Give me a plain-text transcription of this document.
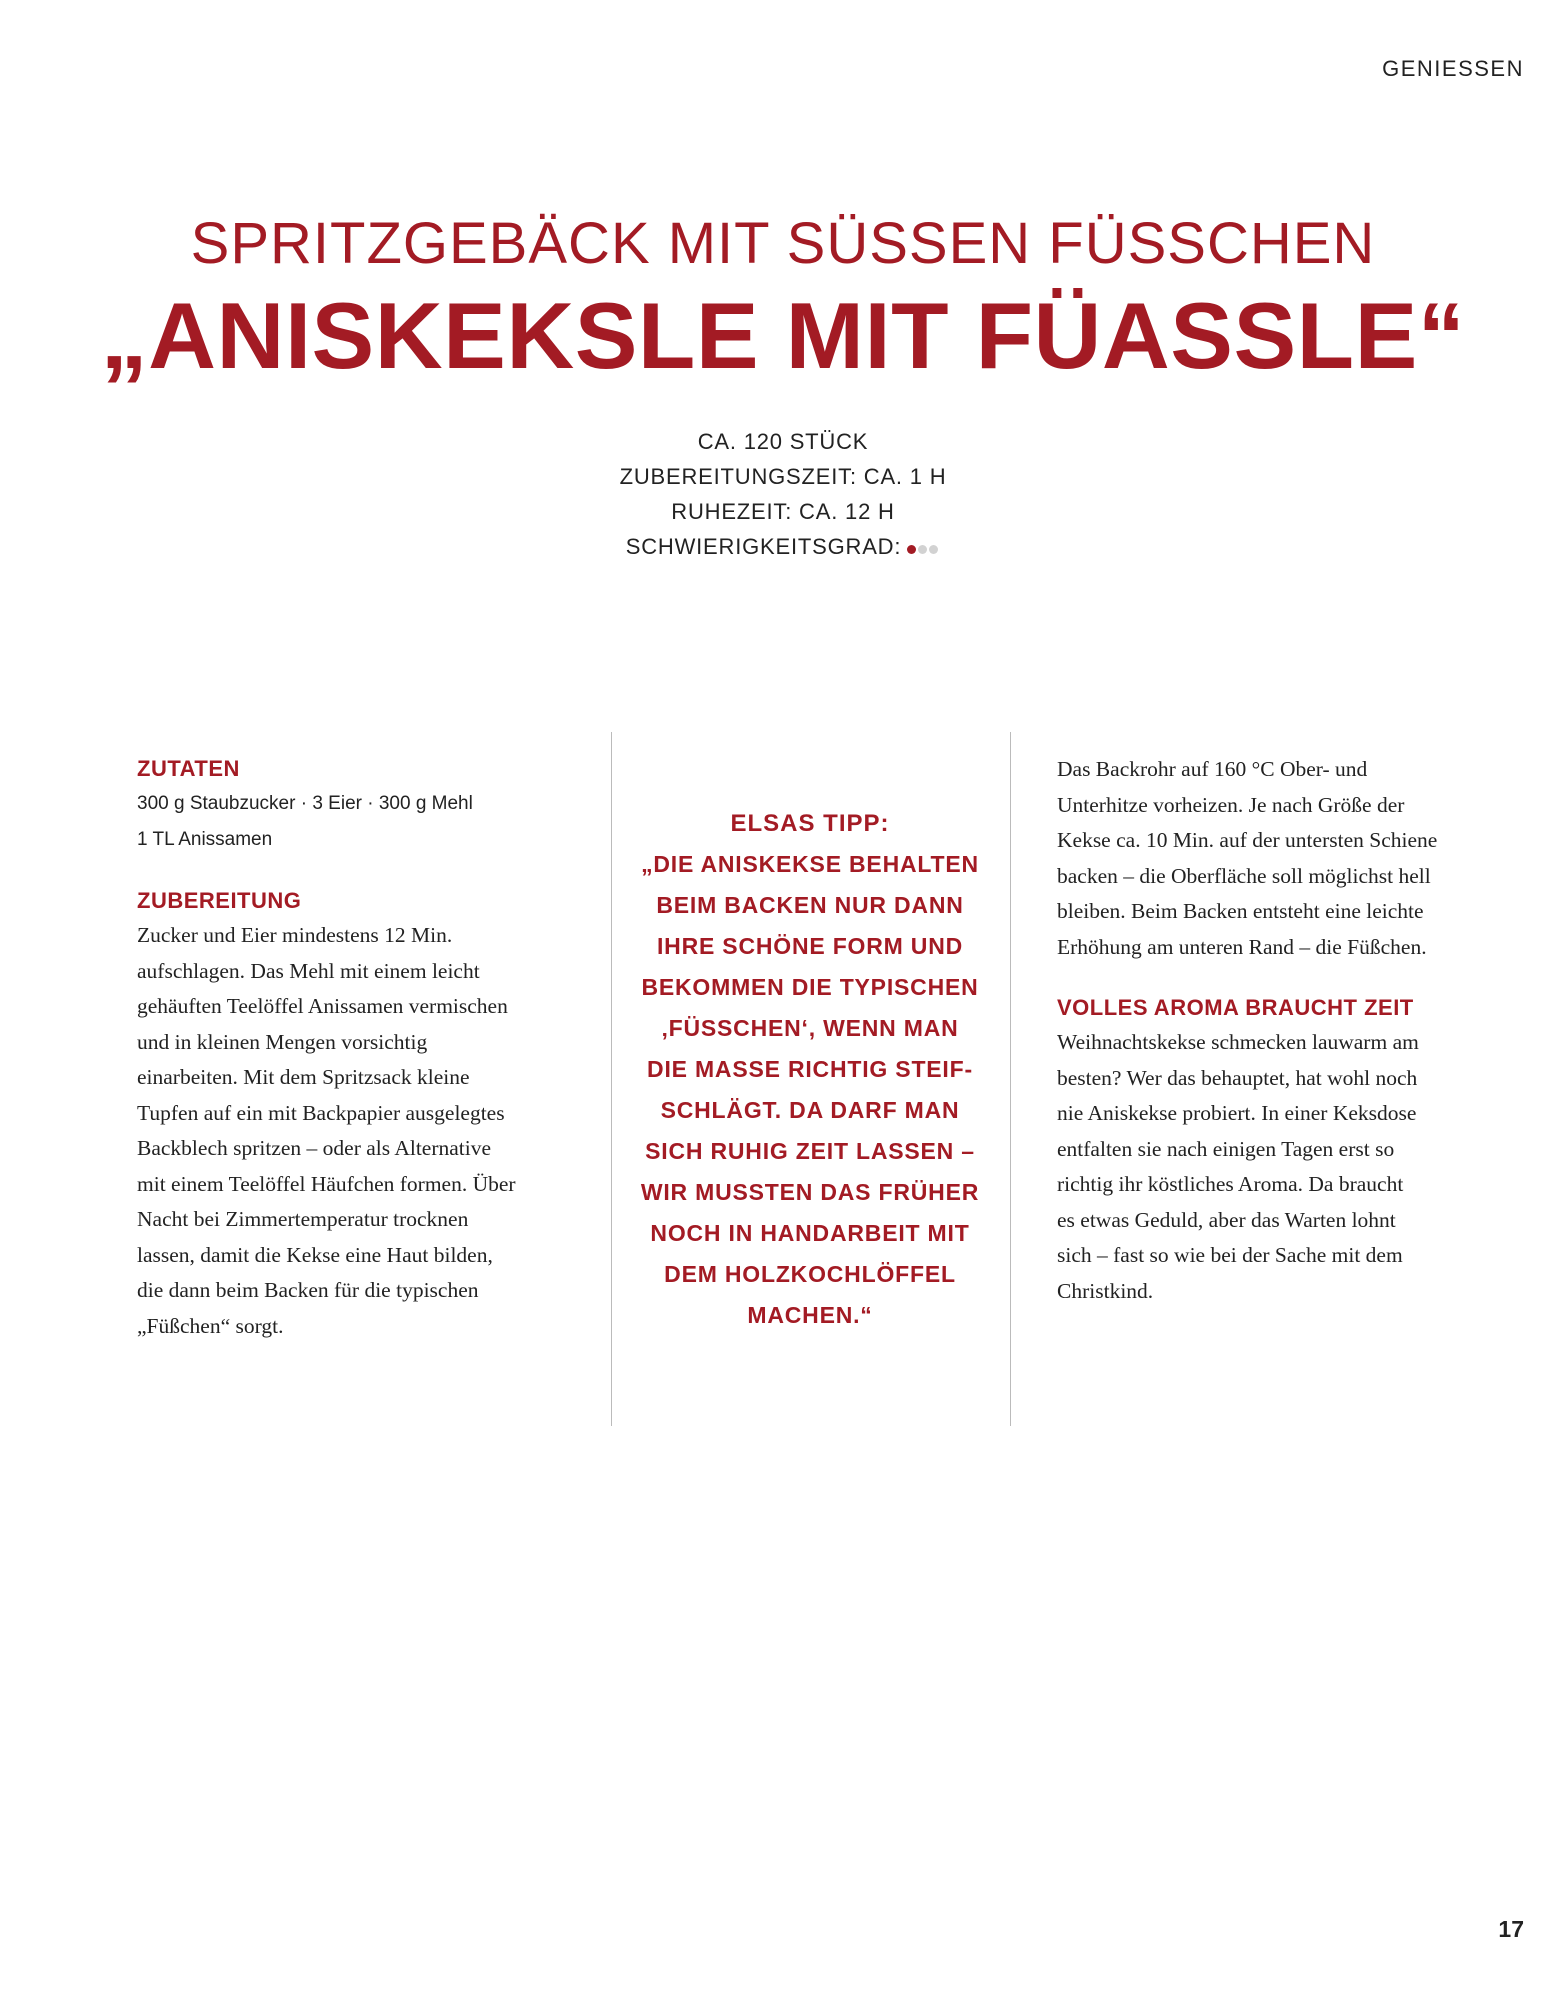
GENIESSEN
SPRITZGEBÄCK MIT SÜSSEN FÜSSCHEN
„ANISKEKSLE MIT FÜASSLE“
CA. 120 STÜCK
ZUBEREITUNGSZEIT: CA. 1 H
RUHEZEIT: CA. 12 H
SCHWIERIGKEITSGRAD:
ZUTATEN
300 g Staubzucker · 3 Eier · 300 g Mehl
1 TL Anissamen
ZUBEREITUNG

Zucker und Eier mindestens 12 Min.
aufschlagen. Das Mehl mit einem leicht
gehäuften Teelöffel Anissamen vermischen
und in kleinen Mengen vorsichtig
einarbeiten. Mit dem Spritzsack kleine
Tupfen auf ein mit Backpapier ausgelegtes
Backblech spritzen – oder als Alternative
mit einem Teelöffel Häufchen formen. Über
Nacht bei Zimmertemperatur trocknen
lassen, damit die Kekse eine Haut bilden,
die dann beim Backen für die typischen
„Füßchen“ sorgt.

ELSAS TIPP:

„DIE ANISKEKSE BEHALTEN
BEIM BACKEN NUR DANN
IHRE SCHÖNE FORM UND
BEKOMMEN DIE TYPISCHEN
‚FÜSSCHEN‘, WENN MAN
DIE MASSE RICHTIG STEIF-
SCHLÄGT. DA DARF MAN
SICH RUHIG ZEIT LASSEN –
WIR MUSSTEN DAS FRÜHER
NOCH IN HANDARBEIT MIT
DEM HOLZKOCHLÖFFEL
MACHEN.“

Das Backrohr auf 160 °C Ober- und
Unterhitze vorheizen. Je nach Größe der
Kekse ca. 10 Min. auf der untersten Schiene
backen – die Oberfläche soll möglichst hell
bleiben. Beim Backen entsteht eine leichte
Erhöhung am unteren Rand – die Füßchen.

VOLLES AROMA BRAUCHT ZEIT

Weihnachtskekse schmecken lauwarm am
besten? Wer das behauptet, hat wohl noch
nie Aniskekse probiert. In einer Keksdose
entfalten sie nach einigen Tagen erst so
richtig ihr köstliches Aroma. Da braucht
es etwas Geduld, aber das Warten lohnt
sich – fast so wie bei der Sache mit dem
Christkind.

17
